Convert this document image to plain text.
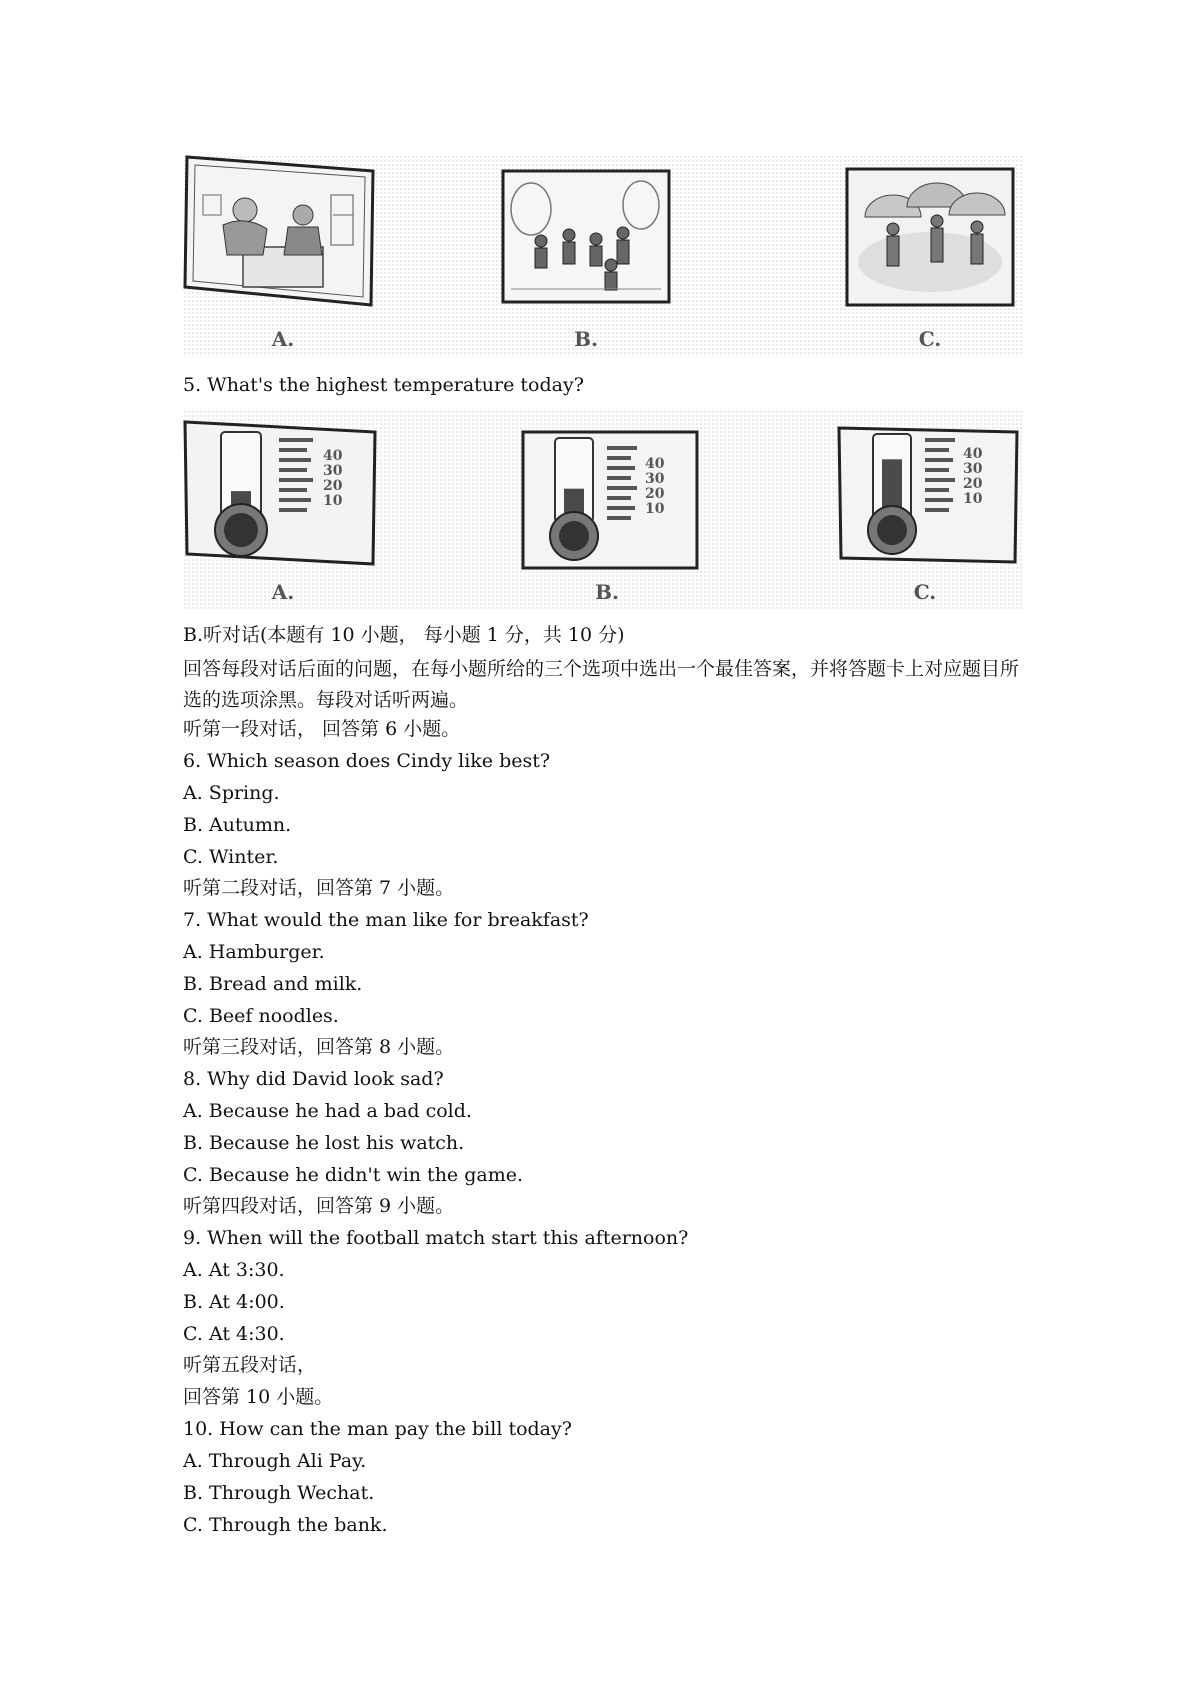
A.	B.	C.
5. What's the highest temperature today?
40
30
20
10
A.
40
30
20
10
B.
40
30
20
10
C.
B.听对话(本题有 10 小题， 每小题 1 分，共 10 分)
回答每段对话后面的问题，在每小题所给的三个选项中选出一个最佳答案，并将答题卡上对应题目所选的选项涂黑。每段对话听两遍。
听第一段对话， 回答第 6 小题。
6. Which season does Cindy like best?
A. Spring.
B. Autumn.
C. Winter.
听第二段对话，回答第 7 小题。
7. What would the man like for breakfast?
A. Hamburger.
B. Bread and milk.
C. Beef noodles.
听第三段对话，回答第 8 小题。
8. Why did David look sad?
A. Because he had a bad cold.
B. Because he lost his watch.
C. Because he didn't win the game.
听第四段对话，回答第 9 小题。
9. When will the football match start this afternoon?
A. At 3:30.
B. At 4:00.
C. At 4:30.
听第五段对话，
回答第 10 小题。
10. How can the man pay the bill today?
A. Through Ali Pay.
B. Through Wechat.
C. Through the bank.
